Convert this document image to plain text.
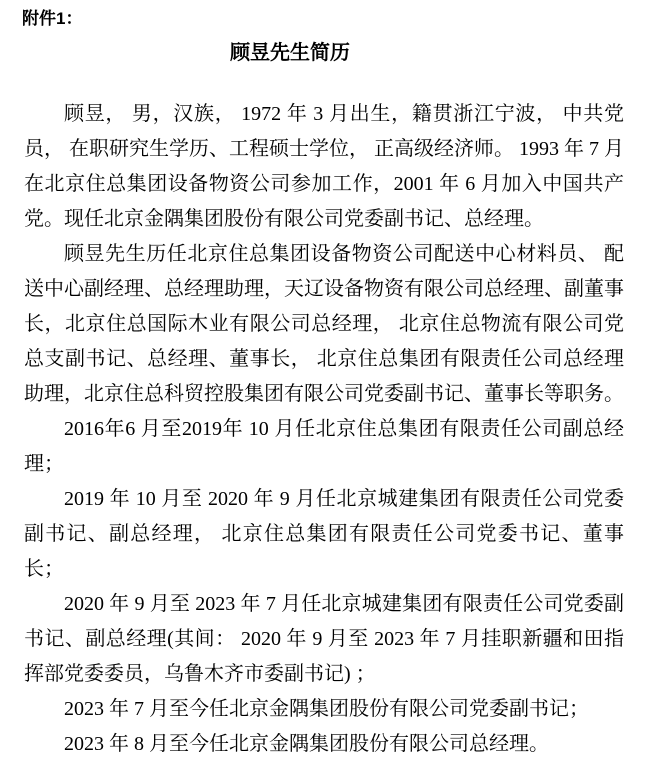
附件1：
顾昱先生简历

顾昱， 男，汉族， 1972 年 3 月出生，籍贯浙江宁波， 中共党员， 在职研究生学历、工程硕士学位， 正高级经济师。 1993 年 7 月在北京住总集团设备物资公司参加工作，2001 年 6 月加入中国共产党。现任北京金隅集团股份有限公司党委副书记、总经理。

顾昱先生历任北京住总集团设备物资公司配送中心材料员、 配送中心副经理、总经理助理，天辽设备物资有限公司总经理、副董事长，北京住总国际木业有限公司总经理， 北京住总物流有限公司党总支副书记、总经理、董事长， 北京住总集团有限责任公司总经理助理，北京住总科贸控股集团有限公司党委副书记、董事长等职务。

2016年6 月至2019年 10 月任北京住总集团有限责任公司副总经理；

2019 年 10 月至 2020 年 9 月任北京城建集团有限责任公司党委副书记、副总经理， 北京住总集团有限责任公司党委书记、董事长；

2020 年 9 月至 2023 年 7 月任北京城建集团有限责任公司党委副书记、副总经理(其间： 2020 年 9 月至 2023 年 7 月挂职新疆和田指挥部党委委员，乌鲁木齐市委副书记) ；

2023 年 7 月至今任北京金隅集团股份有限公司党委副书记；

2023 年 8 月至今任北京金隅集团股份有限公司总经理。
